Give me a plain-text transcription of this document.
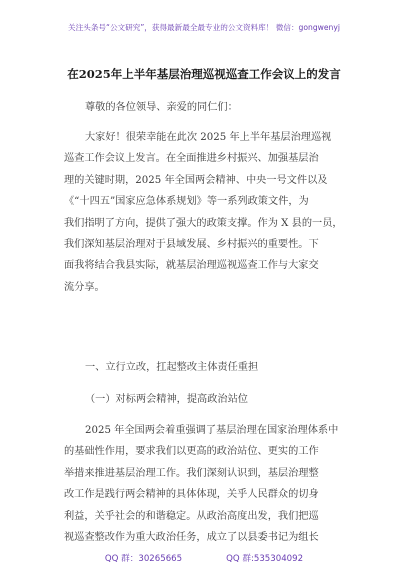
关注头条号“公文研究”，获得最新最全最专业的公文资料库！ 微信：gongwenyj
在2025年上半年基层治理巡视巡查工作会议上的发言
尊敬的各位领导、亲爱的同仁们：
大家好！很荣幸能在此次 2025 年上半年基层治理巡视
巡查工作会议上发言。在全面推进乡村振兴、加强基层治
理的关键时期，2025 年全国两会精神、中央一号文件以及
《“十四五”国家应急体系规划》等一系列政策文件，为
我们指明了方向，提供了强大的政策支撑。作为 X 县的一员，
我们深知基层治理对于县域发展、乡村振兴的重要性。下
面我将结合我县实际，就基层治理巡视巡查工作与大家交
流分享。
一、立行立改，扛起整改主体责任重担
（一）对标两会精神，提高政治站位
2025 年全国两会着重强调了基层治理在国家治理体系中
的基础性作用，要求我们以更高的政治站位、更实的工作
举措来推进基层治理工作。我们深刻认识到，基层治理整
改工作是践行两会精神的具体体现，关乎人民群众的切身
利益，关乎社会的和谐稳定。从政治高度出发，我们把巡
视巡查整改作为重大政治任务，成立了以县委书记为组长
QQ 群：30265665	QQ 群:535304092
